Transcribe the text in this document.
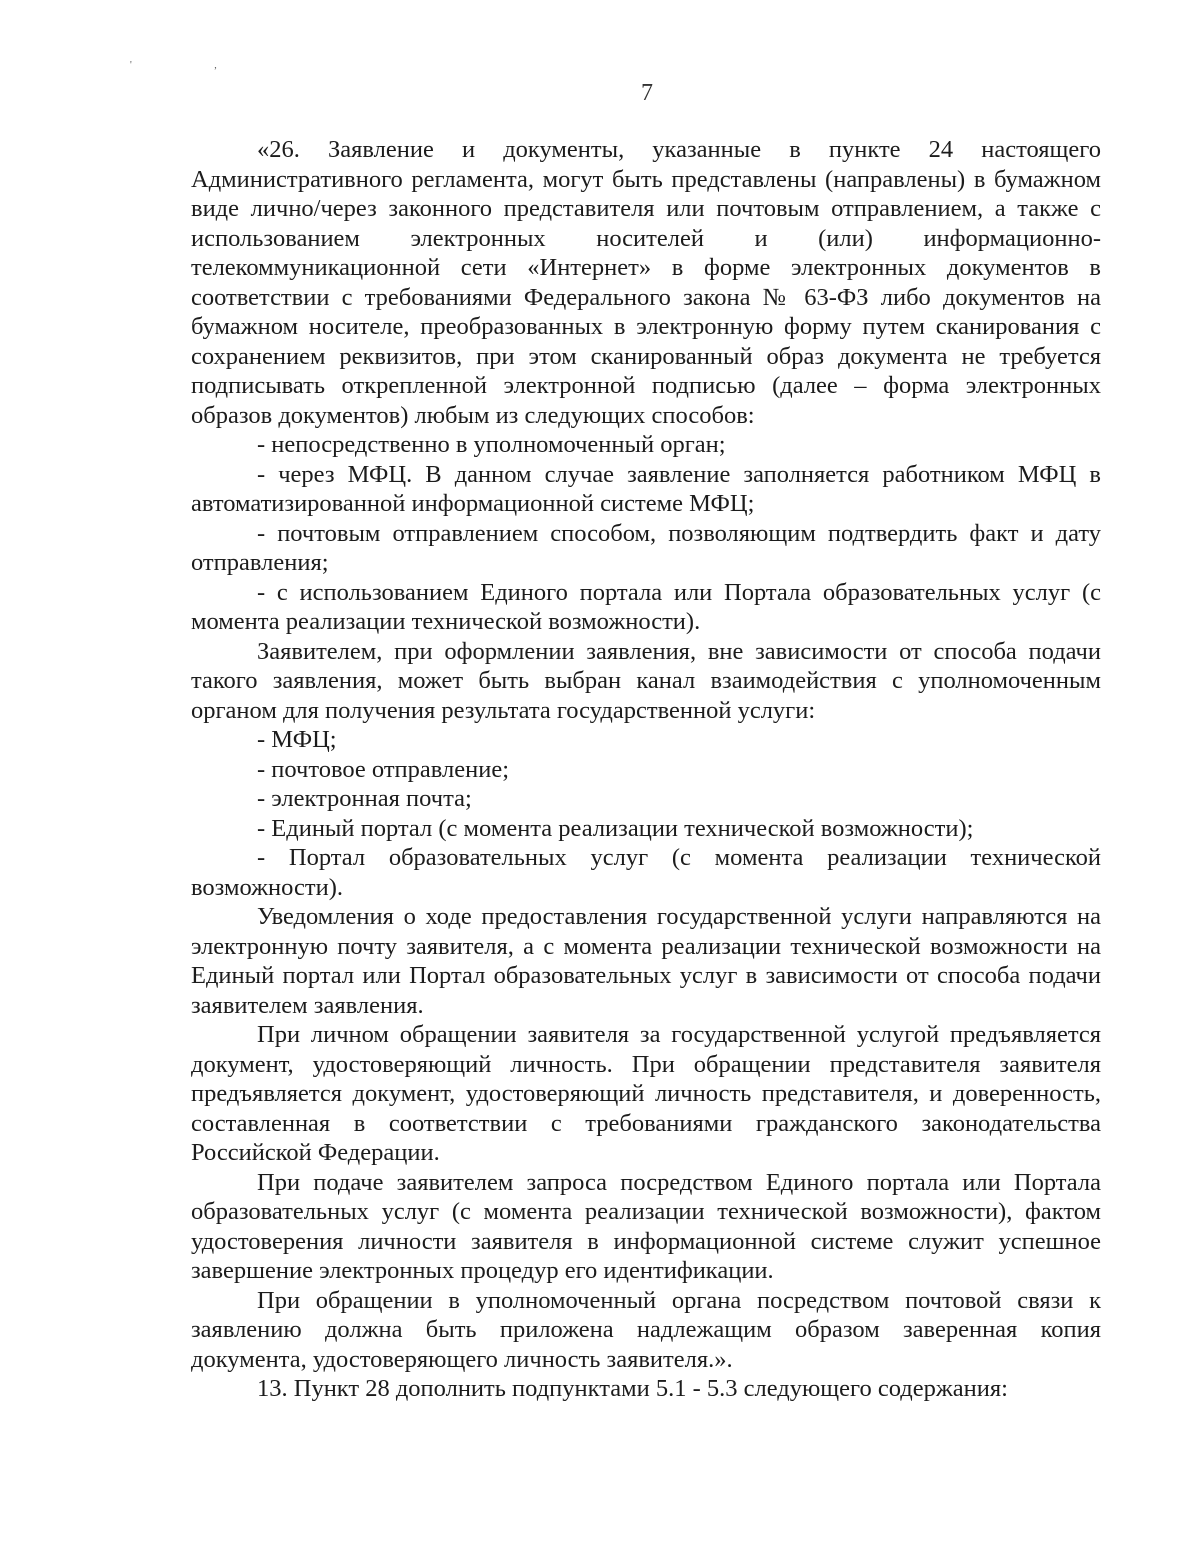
' ,
7

«26. Заявление и документы, указанные в пункте 24 настоящего Административного регламента, могут быть представлены (направлены) в бумажном виде лично/через законного представителя или почтовым отправлением, а также с использованием электронных носителей и (или) информационно-телекоммуникационной сети «Интернет» в форме электронных документов в соответствии с требованиями Федерального закона № 63-ФЗ либо документов на бумажном носителе, преобразованных в электронную форму путем сканирования с сохранением реквизитов, при этом сканированный образ документа не требуется подписывать открепленной электронной подписью (далее – форма электронных образов документов) любым из следующих способов:

- непосредственно в уполномоченный орган;

- через МФЦ. В данном случае заявление заполняется работником МФЦ в автоматизированной информационной системе МФЦ;

- почтовым отправлением способом, позволяющим подтвердить факт и дату отправления;

- с использованием Единого портала или Портала образовательных услуг (с момента реализации технической возможности).

Заявителем, при оформлении заявления, вне зависимости от способа подачи такого заявления, может быть выбран канал взаимодействия с уполномоченным органом для получения результата государственной услуги:

- МФЦ;

- почтовое отправление;

- электронная почта;

- Единый портал (с момента реализации технической возможности);

- Портал образовательных услуг (с момента реализации технической возможности).

Уведомления о ходе предоставления государственной услуги направляются на электронную почту заявителя, а с момента реализации технической возможности на Единый портал или Портал образовательных услуг в зависимости от способа подачи заявителем заявления.

При личном обращении заявителя за государственной услугой предъявляется документ, удостоверяющий личность. При обращении представителя заявителя предъявляется документ, удостоверяющий личность представителя, и доверенность, составленная в соответствии с требованиями гражданского законодательства Российской Федерации.

При подаче заявителем запроса посредством Единого портала или Портала образовательных услуг (с момента реализации технической возможности), фактом удостоверения личности заявителя в информационной системе служит успешное завершение электронных процедур его идентификации.

При обращении в уполномоченный органа посредством почтовой связи к заявлению должна быть приложена надлежащим образом заверенная копия документа, удостоверяющего личность заявителя.».

13. Пункт 28 дополнить подпунктами 5.1 - 5.3 следующего содержания:
